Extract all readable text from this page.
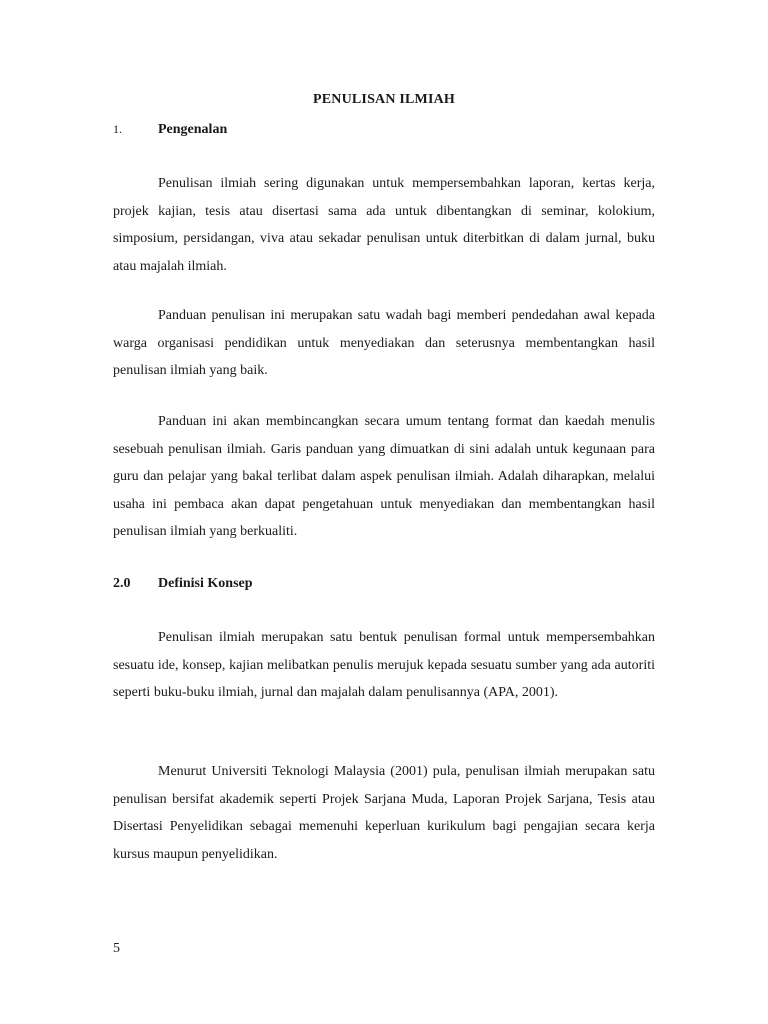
PENULISAN ILMIAH
1.	Pengenalan

Penulisan ilmiah sering digunakan untuk mempersembahkan laporan, kertas kerja, projek kajian, tesis atau disertasi sama ada untuk dibentangkan di seminar, kolokium, simposium, persidangan, viva atau sekadar penulisan untuk diterbitkan di dalam jurnal, buku atau majalah ilmiah.

Panduan penulisan ini merupakan satu wadah bagi memberi pendedahan awal kepada warga organisasi pendidikan untuk menyediakan dan seterusnya membentangkan hasil penulisan ilmiah yang baik.

Panduan ini akan membincangkan secara umum tentang format dan kaedah menulis sesebuah penulisan ilmiah. Garis panduan yang dimuatkan di sini adalah untuk kegunaan para guru dan pelajar yang bakal terlibat dalam aspek penulisan ilmiah. Adalah diharapkan, melalui usaha ini pembaca akan dapat pengetahuan untuk menyediakan dan membentangkan hasil penulisan ilmiah yang berkualiti.

2.0 Definisi Konsep

Penulisan ilmiah merupakan satu bentuk penulisan formal untuk mempersembahkan sesuatu ide, konsep, kajian melibatkan penulis merujuk kepada sesuatu sumber yang ada autoriti seperti buku-buku ilmiah, jurnal dan majalah dalam penulisannya (APA, 2001).

Menurut Universiti Teknologi Malaysia (2001) pula, penulisan ilmiah merupakan satu penulisan bersifat akademik seperti Projek Sarjana Muda, Laporan Projek Sarjana, Tesis atau Disertasi Penyelidikan sebagai memenuhi keperluan kurikulum bagi pengajian secara kerja kursus maupun penyelidikan.

5
